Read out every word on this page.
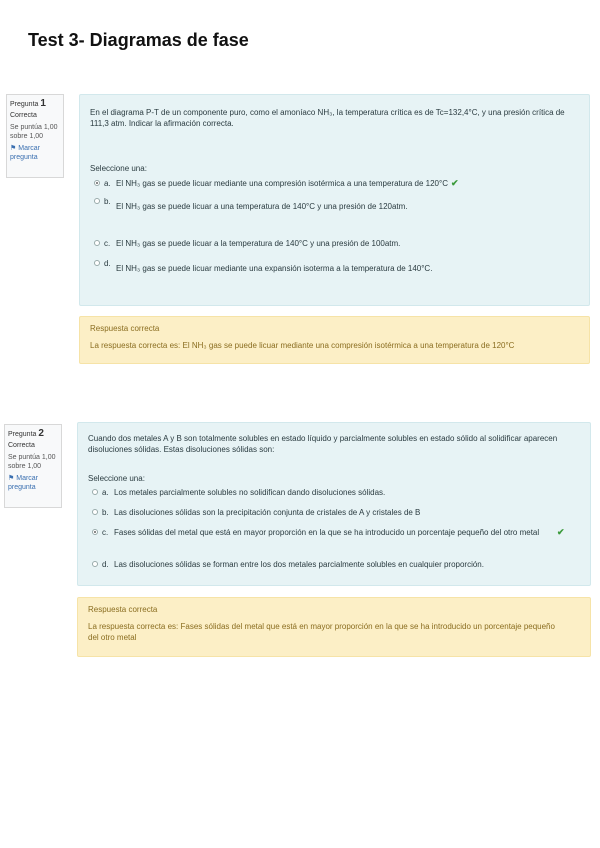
Test 3- Diagramas de fase
Pregunta 1
Correcta
Se puntúa 1,00 sobre 1,00
⚑ Marcar pregunta
En el diagrama P-T de un componente puro, como el amoníaco NH₃, la temperatura crítica es de Tc=132,4°C, y una presión crítica de 111,3 atm. Indicar la afirmación correcta.
Seleccione una:
a. El NH₃ gas se puede licuar mediante una compresión isotérmica a una temperatura de 120°C ✔
b.
El NH₃ gas se puede licuar a una temperatura de 140°C y una presión de 120atm.
c. El NH₃ gas se puede licuar a la temperatura de 140°C y una presión de 100atm.
d.
El NH₃ gas se puede licuar mediante una expansión isoterma a la temperatura de 140°C.
Respuesta correcta
La respuesta correcta es: El NH₃ gas se puede licuar mediante una compresión isotérmica a una temperatura de 120°C
Pregunta 2
Correcta
Se puntúa 1,00 sobre 1,00
⚑ Marcar pregunta
Cuando dos metales A y B son totalmente solubles en estado líquido y parcialmente solubles en estado sólido al solidificar aparecen disoluciones sólidas. Estas disoluciones sólidas son:
Seleccione una:
a. Los metales parcialmente solubles no solidifican dando disoluciones sólidas.
b. Las disoluciones sólidas son la precipitación conjunta de cristales de A y cristales de B
c. Fases sólidas del metal que está en mayor proporción en la que se ha introducido un porcentaje pequeño del otro metal	✔
d. Las disoluciones sólidas se forman entre los dos metales parcialmente solubles en cualquier proporción.
Respuesta correcta
La respuesta correcta es: Fases sólidas del metal que está en mayor proporción en la que se ha introducido un porcentaje pequeño del otro metal
